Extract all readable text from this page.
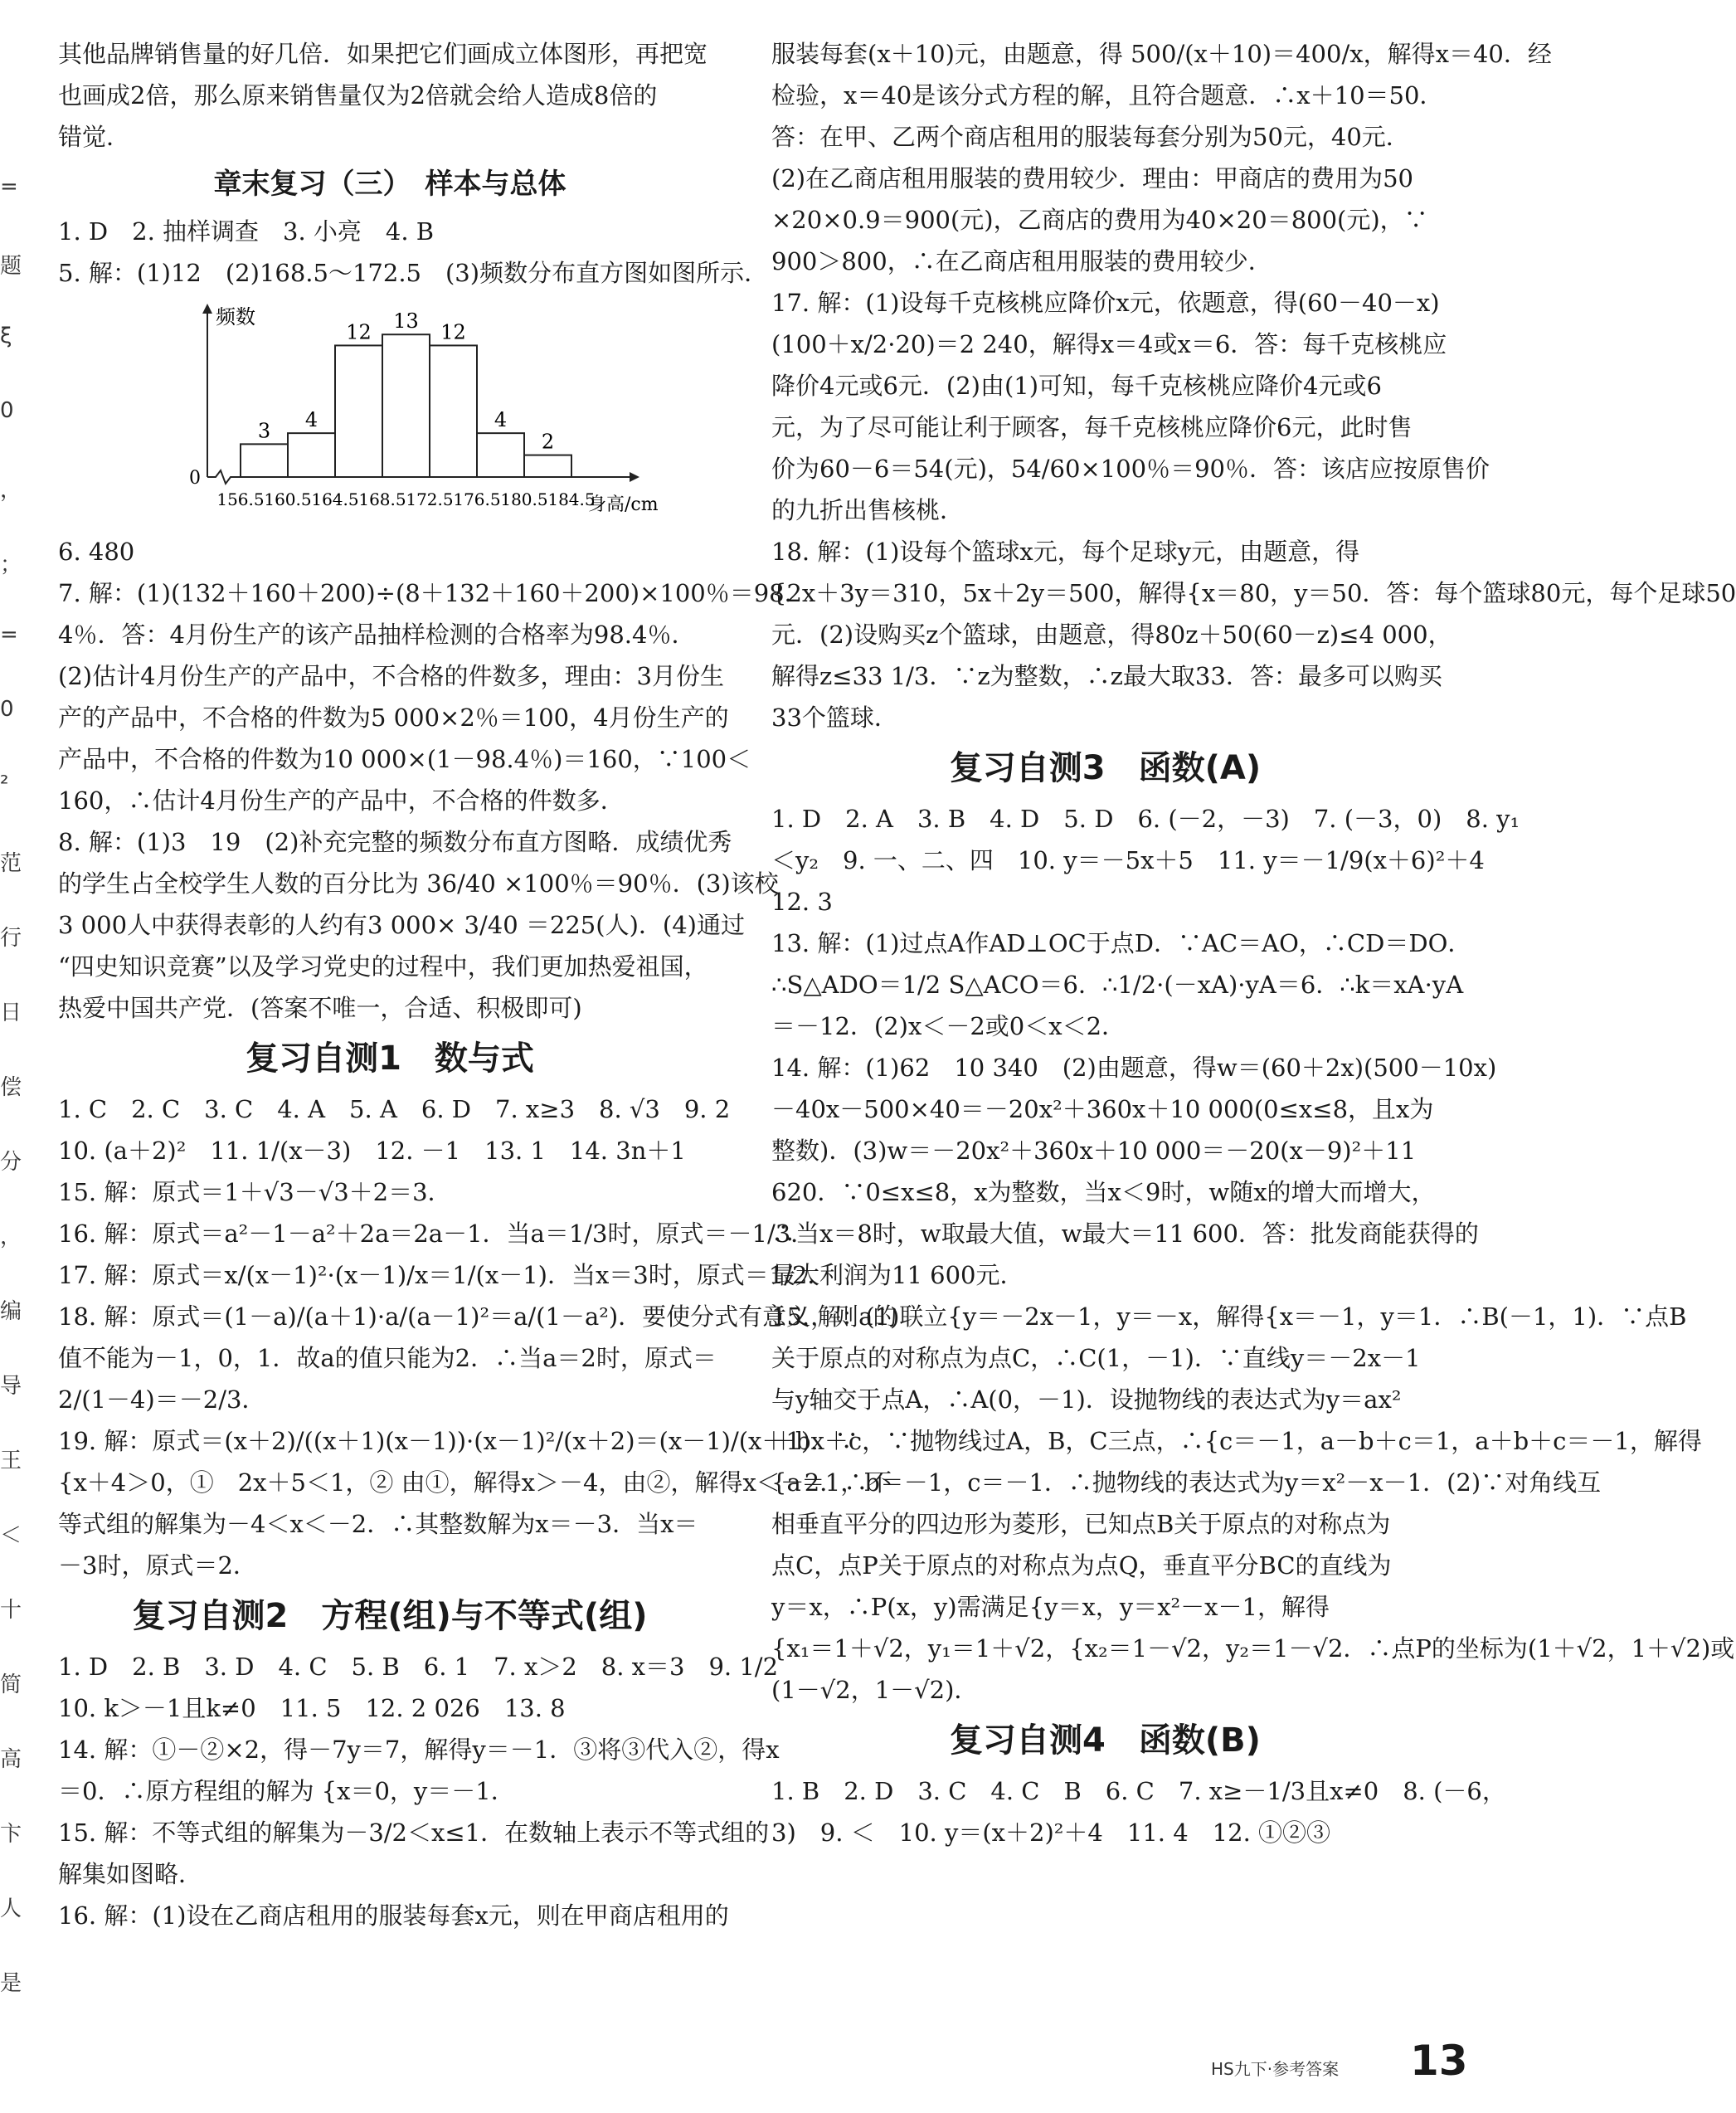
其他品牌销售量的好几倍．如果把它们画成立体图形，再把宽
也画成2倍，那么原来销售量仅为2倍就会给人造成8倍的
错觉．
章末复习（三）　样本与总体
1. D　2. 抽样调查　3. 小亮　4. B
5. 解：(1)12　(2)168.5～172.5　(3)频数分布直方图如图所示．
频数
0
身高/cm
3 4
12 13 12
4
2
156.5 160.5 164.5 168.5 172.5 176.5 180.5 184.5
6. 480
7. 解：(1)(132＋160＋200)÷(8＋132＋160＋200)×100％＝98．
4％．答：4月份生产的该产品抽样检测的合格率为98.4％．
(2)估计4月份生产的产品中，不合格的件数多，理由：3月份生
产的产品中，不合格的件数为5 000×2％＝100，4月份生产的
产品中，不合格的件数为10 000×(1－98.4％)＝160，∵100＜
160，∴估计4月份生产的产品中，不合格的件数多．
8. 解：(1)3　19　(2)补充完整的频数分布直方图略．成绩优秀
的学生占全校学生人数的百分比为 36/40 ×100％＝90％．(3)该校
3 000人中获得表彰的人约有3 000× 3/40 ＝225(人)．(4)通过
“四史知识竞赛”以及学习党史的过程中，我们更加热爱祖国，
热爱中国共产党．(答案不唯一，合适、积极即可)
复习自测1　数与式
1. C　2. C　3. C　4. A　5. A　6. D　7. x≥3　8. √3　9. 2
10. (a＋2)²　11. 1/(x－3)　12. －1　13. 1　14. 3n＋1
15. 解：原式＝1＋√3－√3＋2＝3．
16. 解：原式＝a²－1－a²＋2a＝2a－1．当a＝1/3时，原式＝－1/3．
17. 解：原式＝x/(x－1)²·(x－1)/x＝1/(x－1)．当x＝3时，原式＝1/2．
18. 解：原式＝(1－a)/(a＋1)·a/(a－1)²＝a/(1－a²)．要使分式有意义，则a的
值不能为－1，0，1．故a的值只能为2．∴当a＝2时，原式＝
2/(1－4)＝－2/3．
19. 解：原式＝(x＋2)/((x＋1)(x－1))·(x－1)²/(x＋2)＝(x－1)/(x＋1)．∵
{x＋4＞0，①　2x＋5＜1，② 由①，解得x＞－4，由②，解得x＜－2．∴不
等式组的解集为－4＜x＜－2．∴其整数解为x＝－3．当x＝
－3时，原式＝2．
复习自测2　方程(组)与不等式(组)
1. D　2. B　3. D　4. C　5. B　6. 1　7. x＞2　8. x＝3　9. 1/2
10. k＞－1且k≠0　11. 5　12. 2 026　13. 8
14. 解：①－②×2，得－7y＝7，解得y＝－1．③将③代入②，得x
＝0．∴原方程组的解为 {x＝0，y＝－1．
15. 解：不等式组的解集为－3/2＜x≤1．在数轴上表示不等式组的
解集如图略．
16. 解：(1)设在乙商店租用的服装每套x元，则在甲商店租用的
服装每套(x＋10)元，由题意，得 500/(x＋10)＝400/x，解得x＝40．经
检验，x＝40是该分式方程的解，且符合题意．∴x＋10＝50．
答：在甲、乙两个商店租用的服装每套分别为50元，40元．
(2)在乙商店租用服装的费用较少．理由：甲商店的费用为50
×20×0.9＝900(元)，乙商店的费用为40×20＝800(元)，∵
900＞800，∴在乙商店租用服装的费用较少．
17. 解：(1)设每千克核桃应降价x元，依题意，得(60－40－x)
(100＋x/2·20)＝2 240，解得x＝4或x＝6．答：每千克核桃应
降价4元或6元．(2)由(1)可知，每千克核桃应降价4元或6
元，为了尽可能让利于顾客，每千克核桃应降价6元，此时售
价为60－6＝54(元)，54/60×100％＝90％．答：该店应按原售价
的九折出售核桃．
18. 解：(1)设每个篮球x元，每个足球y元，由题意，得
{2x＋3y＝310，5x＋2y＝500，解得{x＝80，y＝50．答：每个篮球80元，每个足球50
元．(2)设购买z个篮球，由题意，得80z＋50(60－z)≤4 000，
解得z≤33 1/3．∵z为整数，∴z最大取33．答：最多可以购买
33个篮球．
复习自测3　函数(A)
1. D　2. A　3. B　4. D　5. D　6. (－2，－3)　7. (－3，0)　8. y₁
＜y₂　9. 一、二、四　10. y＝－5x＋5　11. y＝－1/9(x＋6)²＋4
12. 3
13. 解：(1)过点A作AD⊥OC于点D．∵AC＝AO，∴CD＝DO．
∴S△ADO＝1/2 S△ACO＝6．∴1/2·(－xA)·yA＝6．∴k＝xA·yA
＝－12．(2)x＜－2或0＜x＜2．
14. 解：(1)62　10 340　(2)由题意，得w＝(60＋2x)(500－10x)
－40x－500×40＝－20x²＋360x＋10 000(0≤x≤8，且x为
整数)．(3)w＝－20x²＋360x＋10 000＝－20(x－9)²＋11
620．∵0≤x≤8，x为整数，当x＜9时，w随x的增大而增大，
∴当x＝8时，w取最大值，w最大＝11 600．答：批发商能获得的
最大利润为11 600元．
15. 解：(1)联立{y＝－2x－1，y＝－x，解得{x＝－1，y＝1．∴B(－1，1)．∵点B
关于原点的对称点为点C，∴C(1，－1)．∵直线y＝－2x－1
与y轴交于点A，∴A(0，－1)．设抛物线的表达式为y＝ax²
＋bx＋c，∵抛物线过A，B，C三点，∴{c＝－1，a－b＋c＝1，a＋b＋c＝－1，解得
{a＝1，b＝－1，c＝－1．∴抛物线的表达式为y＝x²－x－1．(2)∵对角线互
相垂直平分的四边形为菱形，已知点B关于原点的对称点为
点C，点P关于原点的对称点为点Q，垂直平分BC的直线为
y＝x，∴P(x，y)需满足{y＝x，y＝x²－x－1，解得
{x₁＝1＋√2，y₁＝1＋√2，{x₂＝1－√2，y₂＝1－√2．∴点P的坐标为(1＋√2，1＋√2)或
(1－√2，1－√2)．
复习自测4　函数(B)
1. B　2. D　3. C　4. C　B　6. C　7. x≥－1/3且x≠0　8. (－6，
3)　9. ＜　10. y＝(x＋2)²＋4　11. 4　12. ①②③
=
题
ξ
0
，
；
=
0
²
范
行
日
偿
分
，
编
导
王
＜
十
简
高
卞
人
是
HS九下·参考答案 13
